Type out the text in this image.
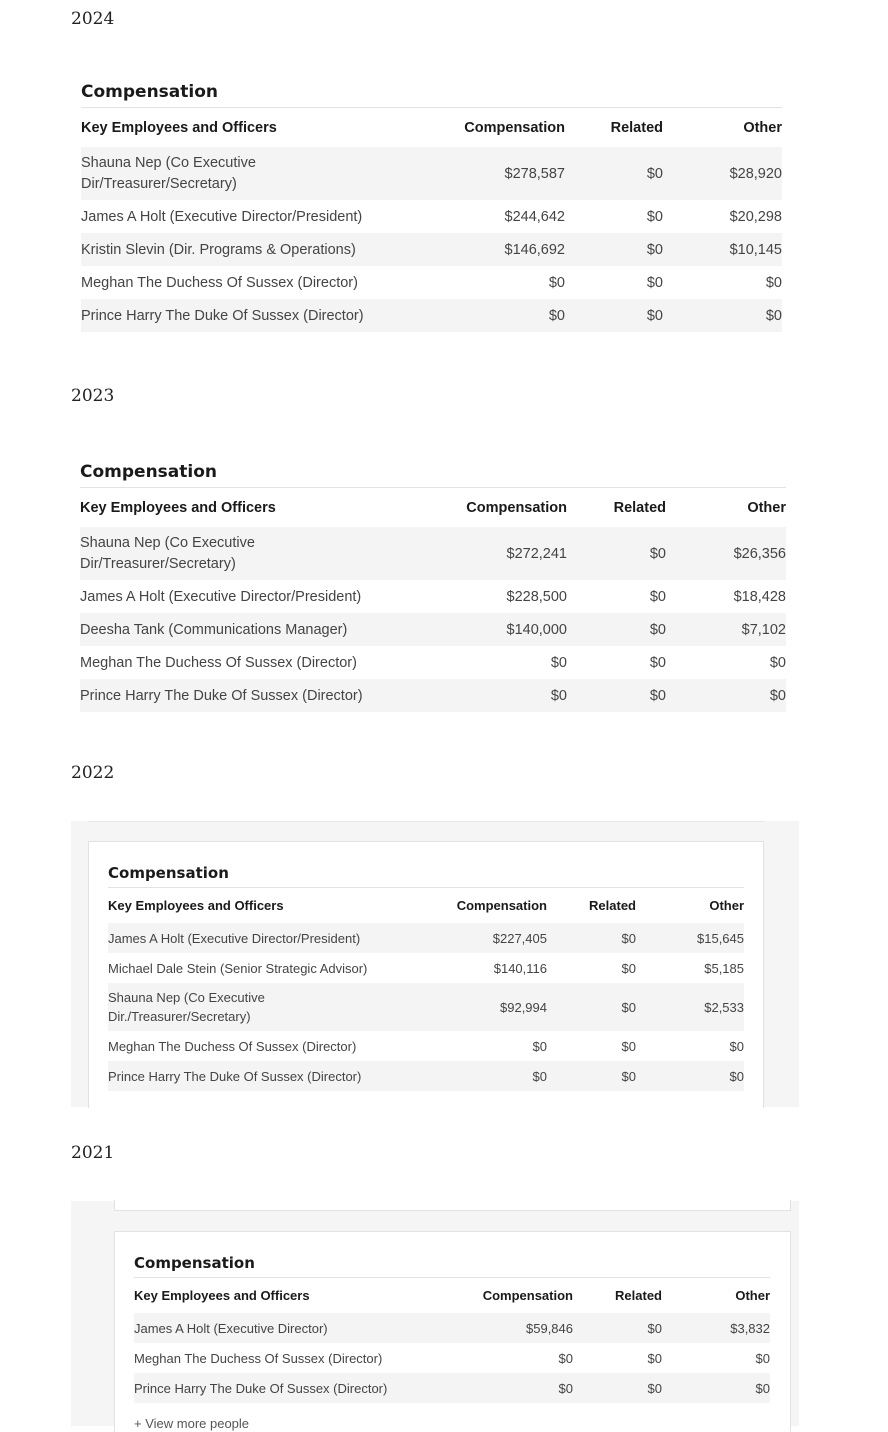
2024
Compensation
Key Employees and Officers	Compensation	Related	Other

Shauna Nep (Co Executive Dir/Treasurer/Secretary)	$278,587	$0	$28,920
James A Holt (Executive Director/President)	$244,642	$0	$20,298
Kristin Slevin (Dir. Programs & Operations)	$146,692	$0	$10,145
Meghan The Duchess Of Sussex (Director)	$0	$0	$0
Prince Harry The Duke Of Sussex (Director)	$0	$0	$0
2023
Compensation
Key Employees and Officers	Compensation	Related	Other

Shauna Nep (Co Executive Dir/Treasurer/Secretary)	$272,241	$0	$26,356
James A Holt (Executive Director/President)	$228,500	$0	$18,428
Deesha Tank (Communications Manager)	$140,000	$0	$7,102
Meghan The Duchess Of Sussex (Director)	$0	$0	$0
Prince Harry The Duke Of Sussex (Director)	$0	$0	$0
2022
Compensation
Key Employees and Officers	Compensation	Related	Other
James A Holt (Executive Director/President)	$227,405	$0	$15,645
Michael Dale Stein (Senior Strategic Advisor)	$140,116	$0	$5,185

Shauna Nep (Co Executive Dir./Treasurer/Secretary)	$92,994	$0	$2,533
Meghan The Duchess Of Sussex (Director)	$0	$0	$0
Prince Harry The Duke Of Sussex (Director)	$0	$0	$0
2021
Compensation
Key Employees and Officers	Compensation	Related	Other
James A Holt (Executive Director)	$59,846	$0	$3,832
Meghan The Duchess Of Sussex (Director)	$0	$0	$0
Prince Harry The Duke Of Sussex (Director)	$0	$0	$0
+ View more people
